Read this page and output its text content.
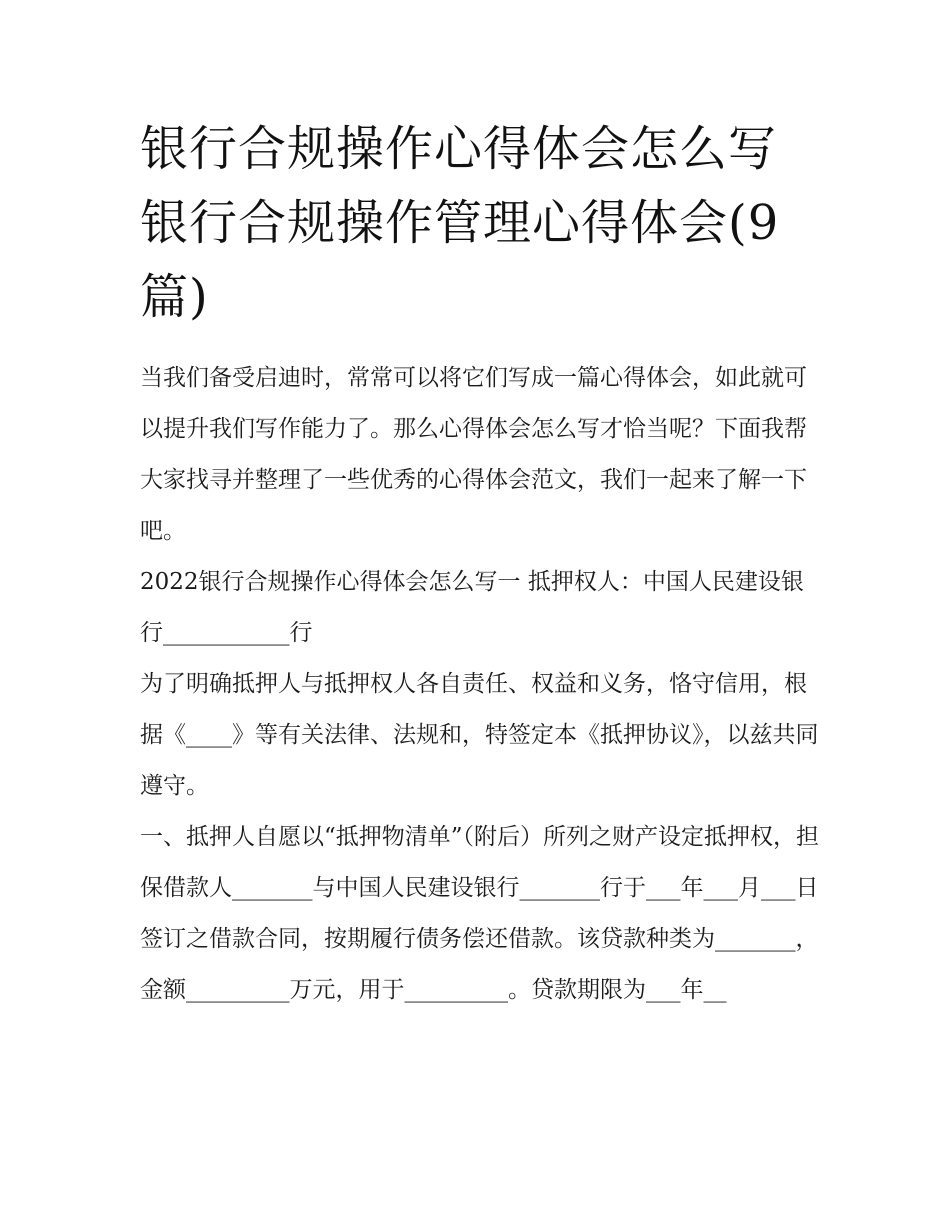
银行合规操作心得体会怎么写 银行合规操作管理心得体会(9篇)

当我们备受启迪时，常常可以将它们写成一篇心得体会，如此就可以提升我们写作能力了。那么心得体会怎么写才恰当呢？下面我帮大家找寻并整理了一些优秀的心得体会范文，我们一起来了解一下吧。

2022银行合规操作心得体会怎么写一 抵押权人：中国人民建设银行___________行

为了明确抵押人与抵押权人各自责任、权益和义务，恪守信用，根据《____》等有关法律、法规和，特签定本《抵押协议》，以兹共同遵守。

一、抵押人自愿以“抵押物清单”（附后）所列之财产设定抵押权，担保借款人_______与中国人民建设银行_______行于___年___月___日签订之借款合同，按期履行债务偿还借款。该贷款种类为_______，金额_________万元，用于_________。贷款期限为___年__
